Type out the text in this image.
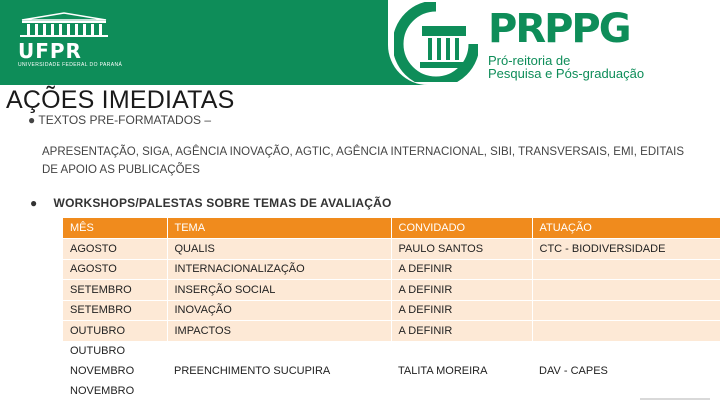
UFPR
UNIVERSIDADE FEDERAL DO PARANÁ
PRPPG
Pró-reitoria de
Pesquisa e Pós-graduação
AÇÕES IMEDIATAS
● TEXTOS PRE-FORMATADOS –
APRESENTAÇÃO, SIGA, AGÊNCIA INOVAÇÃO, AGTIC, AGÊNCIA INTERNACIONAL, SIBI, TRANSVERSAIS, EMI, EDITAIS DE APOIO AS PUBLICAÇÕES
● WORKSHOPS/PALESTAS SOBRE TEMAS DE AVALIAÇÃO
MÊS	TEMA	CONVIDADO	ATUAÇÃO
AGOSTO	QUALIS	PAULO SANTOS	CTC - BIODIVERSIDADE
AGOSTO	INTERNACIONALIZAÇÃO	A DEFINIR	
SETEMBRO	INSERÇÃO SOCIAL	A DEFINIR	
SETEMBRO	INOVAÇÃO	A DEFINIR	
OUTUBRO	IMPACTOS	A DEFINIR	
OUTUBRO
NOVEMBRO	PREENCHIMENTO SUCUPIRA	TALITA MOREIRA	DAV - CAPES
NOVEMBRO
